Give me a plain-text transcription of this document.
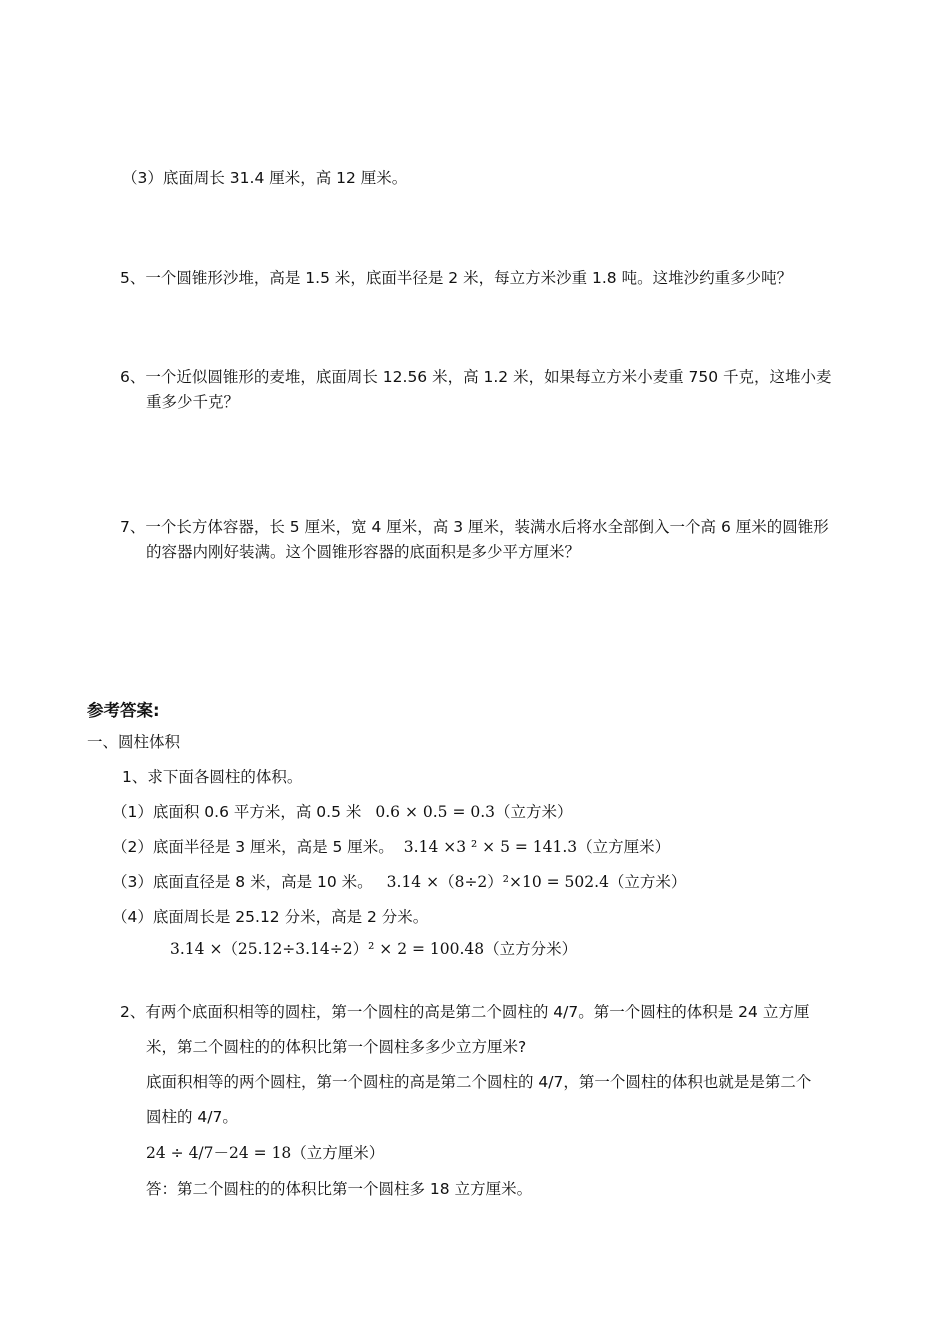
（3）底面周长 31.4 厘米，高 12 厘米。
5、一个圆锥形沙堆，高是 1.5 米，底面半径是 2 米，每立方米沙重 1.8 吨。这堆沙约重多少吨？
6、一个近似圆锥形的麦堆，底面周长 12.56 米，高 1.2 米，如果每立方米小麦重 750 千克，这堆小麦
重多少千克？
7、一个长方体容器，长 5 厘米，宽 4 厘米，高 3 厘米，装满水后将水全部倒入一个高 6 厘米的圆锥形
的容器内刚好装满。这个圆锥形容器的底面积是多少平方厘米？
参考答案:
一、圆柱体积
1、求下面各圆柱的体积。
（1）底面积 0.6 平方米，高 0.5 米 0.6 × 0.5 = 0.3（立方米）
（2）底面半径是 3 厘米，高是 5 厘米。 3.14 ×3 ² × 5 = 141.3（立方厘米）
（3）底面直径是 8 米，高是 10 米。 3.14 ×（8÷2）²×10 = 502.4（立方米）
（4）底面周长是 25.12 分米，高是 2 分米。
3.14 ×（25.12÷3.14÷2）² × 2 = 100.48（立方分米）
2、有两个底面积相等的圆柱，第一个圆柱的高是第二个圆柱的 4/7。第一个圆柱的体积是 24 立方厘
米，第二个圆柱的的体积比第一个圆柱多多少立方厘米?
底面积相等的两个圆柱，第一个圆柱的高是第二个圆柱的 4/7，第一个圆柱的体积也就是是第二个
圆柱的 4/7。
24 ÷ 4/7－24 = 18（立方厘米）
答：第二个圆柱的的体积比第一个圆柱多 18 立方厘米。
